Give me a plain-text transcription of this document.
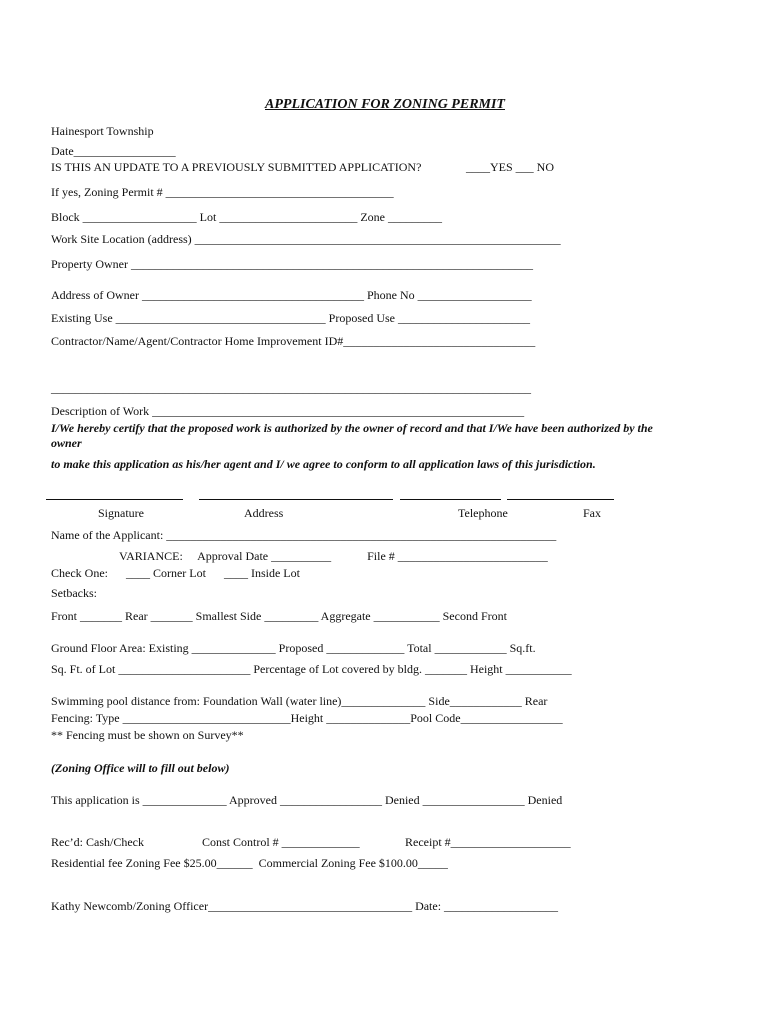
APPLICATION FOR ZONING PERMIT
Hainesport Township
Date_________________
IS THIS AN UPDATE TO A PREVIOUSLY SUBMITTED APPLICATION?	____YES ___ NO
If yes, Zoning Permit # ______________________________________
Block ___________________ Lot _______________________ Zone _________
Work Site Location (address) _____________________________________________________________
Property Owner ___________________________________________________________________
Address of Owner _____________________________________ Phone No ___________________
Existing Use ___________________________________ Proposed Use ______________________
Contractor/Name/Agent/Contractor Home Improvement ID#________________________________
________________________________________________________________________________
Description of Work ______________________________________________________________
I/We hereby certify that the proposed work is authorized by the owner of record and that I/We have been authorized by the
owner
to make this application as his/her agent and I/ we agree to conform to all application laws of this jurisdiction.
Signature	Address	Telephone	Fax
Name of the Applicant: _________________________________________________________________
VARIANCE:     Approval Date __________            File # _________________________
Check One:      ____ Corner Lot      ____ Inside Lot
Setbacks:
Front _______ Rear _______ Smallest Side _________ Aggregate ___________ Second Front
Ground Floor Area: Existing ______________ Proposed _____________ Total ____________ Sq.ft.
Sq. Ft. of Lot ______________________ Percentage of Lot covered by bldg. _______ Height ___________
Swimming pool distance from: Foundation Wall (water line)______________ Side____________ Rear
Fencing: Type ____________________________Height ______________Pool Code_________________
** Fencing must be shown on Survey**
(Zoning Office will to fill out below)
This application is ______________ Approved _________________ Denied _________________ Denied
Rec’d: Cash/Check	Const Control # _____________	Receipt #____________________
Residential fee Zoning Fee $25.00______  Commercial Zoning Fee $100.00_____
Kathy Newcomb/Zoning Officer__________________________________ Date: ___________________
